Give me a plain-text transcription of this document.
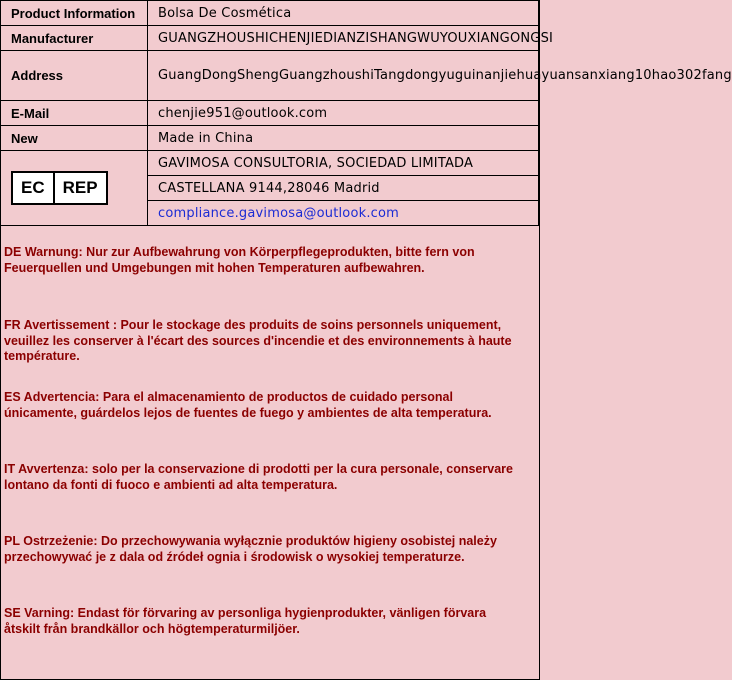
Product Information	Bolsa De Cosmética
Manufacturer	GUANGZHOUSHICHENJIEDIANZISHANGWUYOUXIANGONGSI
Address	GuangDongShengGuangzhoushiTangdongyuguinanjiehuayuansanxiang10hao302fang
E-Mail	chenjie951@outlook.com
New	Made in China

EC REP	GAVIMOSA CONSULTORIA, SOCIEDAD LIMITADA
	CASTELLANA 9144,28046 Madrid
	compliance.gavimosa@outlook.com
DE Warnung: Nur zur Aufbewahrung von Körperpflegeprodukten, bitte fern von Feuerquellen und Umgebungen mit hohen Temperaturen aufbewahren.
FR Avertissement : Pour le stockage des produits de soins personnels uniquement, veuillez les conserver à l'écart des sources d'incendie et des environnements à haute température.
ES Advertencia: Para el almacenamiento de productos de cuidado personal únicamente, guárdelos lejos de fuentes de fuego y ambientes de alta temperatura.
IT Avvertenza: solo per la conservazione di prodotti per la cura personale, conservare lontano da fonti di fuoco e ambienti ad alta temperatura.
PL Ostrzeżenie: Do przechowywania wyłącznie produktów higieny osobistej należy przechowywać je z dala od źródeł ognia i środowisk o wysokiej temperaturze.
SE Varning: Endast för förvaring av personliga hygienprodukter, vänligen förvara åtskilt från brandkällor och högtemperaturmiljöer.
